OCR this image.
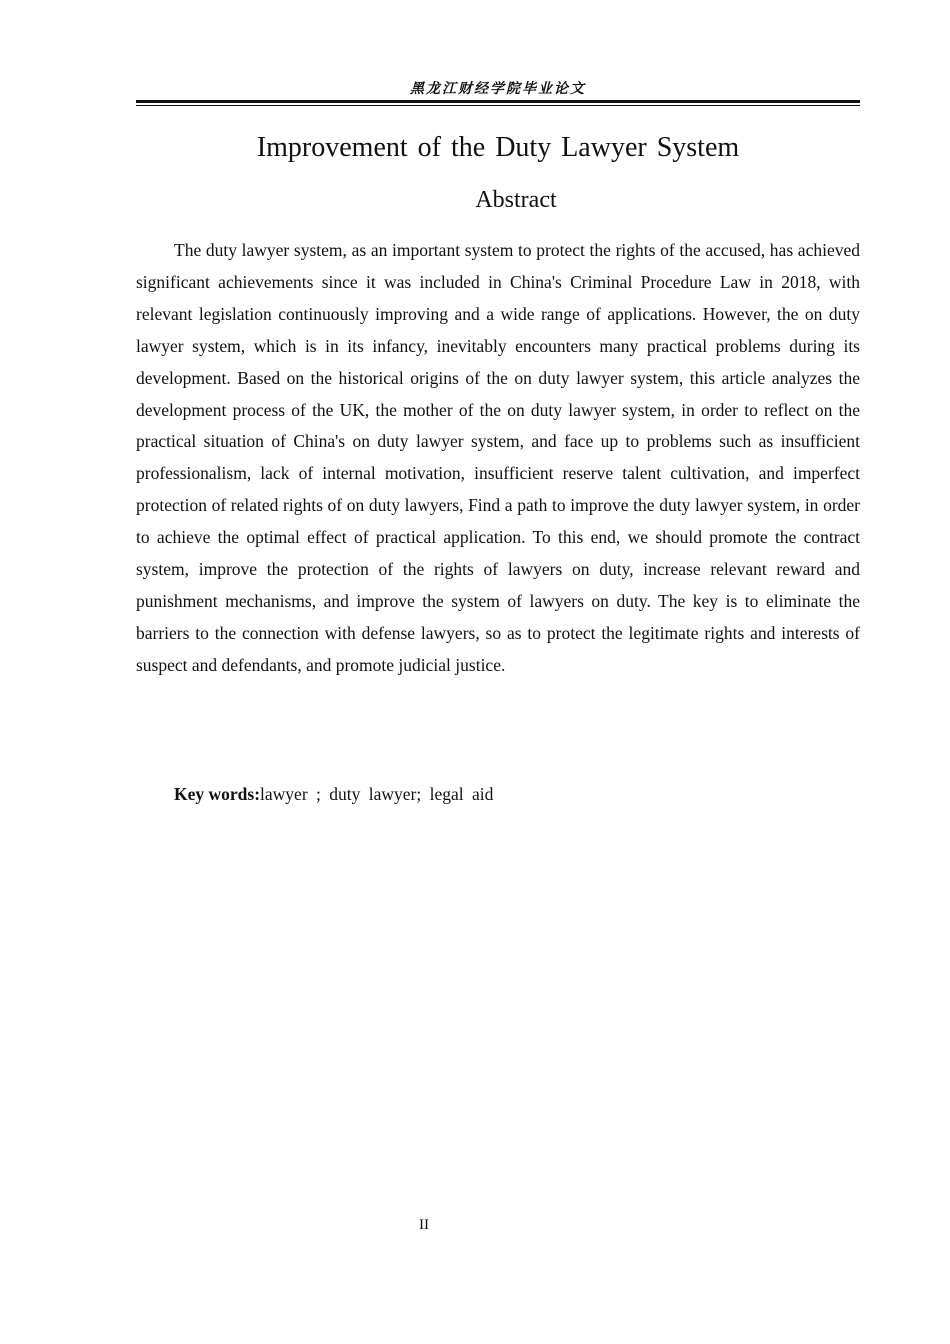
黑龙江财经学院毕业论文
Improvement of the Duty Lawyer System
Abstract

The duty lawyer system, as an important system to protect the rights of the accused, has achieved significant achievements since it was included in China's Criminal Procedure Law in 2018, with relevant legislation continuously improving and a wide range of applications. However, the on duty lawyer system, which is in its infancy, inevitably encounters many practical problems during its development. Based on the historical origins of the on duty lawyer system, this article analyzes the development process of the UK, the mother of the on duty lawyer system, in order to reflect on the practical situation of China's on duty lawyer system, and face up to problems such as insufficient professionalism, lack of internal motivation, insufficient reserve talent cultivation, and imperfect protection of related rights of on duty lawyers, Find a path to improve the duty lawyer system, in order to achieve the optimal effect of practical application. To this end, we should promote the contract system, improve the protection of the rights of lawyers on duty, increase relevant reward and punishment mechanisms, and improve the system of lawyers on duty. The key is to eliminate the barriers to the connection with defense lawyers, so as to protect the legitimate rights and interests of suspect and defendants, and promote judicial justice.

Key words:lawyer ; duty lawyer; legal aid

II
